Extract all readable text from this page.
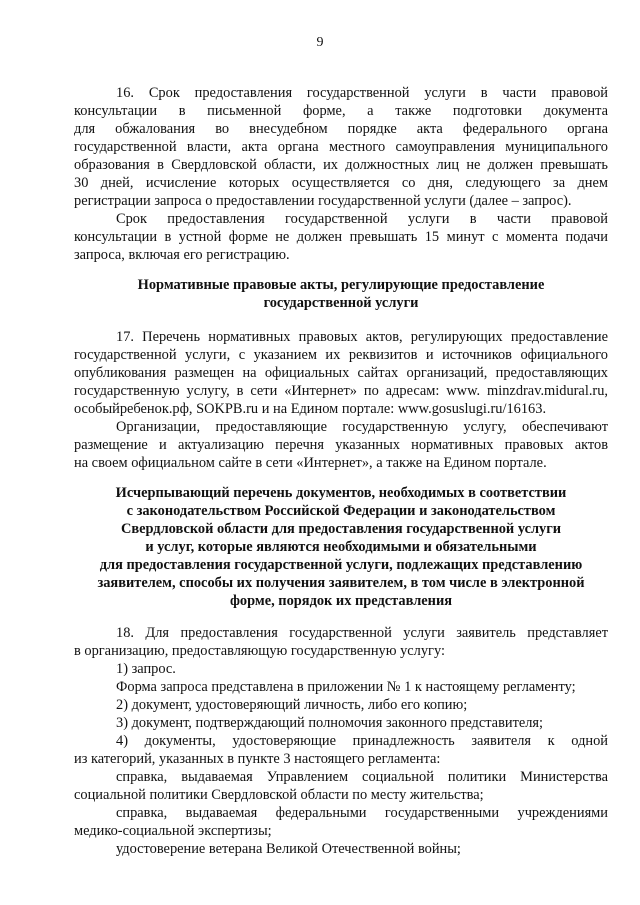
9
16. Срок предоставления государственной услуги в части правовой
консультации в письменной форме, а также подготовки документа
для обжалования во внесудебном порядке акта федерального органа
государственной власти, акта органа местного самоуправления муниципального
образования в Свердловской области, их должностных лиц не должен превышать
30 дней, исчисление которых осуществляется со дня, следующего за днем
регистрации запроса о предоставлении государственной услуги (далее – запрос).
Срок предоставления государственной услуги в части правовой
консультации в устной форме не должен превышать 15 минут с момента подачи
запроса, включая его регистрацию.

Нормативные правовые акты, регулирующие предоставление

государственной услуги

17. Перечень нормативных правовых актов, регулирующих предоставление
государственной услуги, с указанием их реквизитов и источников официального
опубликования размещен на официальных сайтах организаций, предоставляющих
государственную услугу, в сети «Интернет» по адресам: www. minzdrav.midural.ru,
особыйребенок.рф, SOKPB.ru и на Едином портале: www.gosuslugi.ru/16163.
Организации, предоставляющие государственную услугу, обеспечивают
размещение и актуализацию перечня указанных нормативных правовых актов
на своем официальном сайте в сети «Интернет», а также на Едином портале.

Исчерпывающий перечень документов, необходимых в соответствии

с законодательством Российской Федерации и законодательством

Свердловской области для предоставления государственной услуги

и услуг, которые являются необходимыми и обязательными

для предоставления государственной услуги, подлежащих представлению

заявителем, способы их получения заявителем, в том числе в электронной

форме, порядок их представления

18. Для предоставления государственной услуги заявитель представляет
в организацию, предоставляющую государственную услугу:

1) запрос.

Форма запроса представлена в приложении № 1 к настоящему регламенту;

2) документ, удостоверяющий личность, либо его копию;

3) документ, подтверждающий полномочия законного представителя;

4) документы, удостоверяющие принадлежность заявителя к одной
из категорий, указанных в пункте 3 настоящего регламента:
справка, выдаваемая Управлением социальной политики Министерства
социальной политики Свердловской области по месту жительства;
справка, выдаваемая федеральными государственными учреждениями
медико-социальной экспертизы;

удостоверение ветерана Великой Отечественной войны;
